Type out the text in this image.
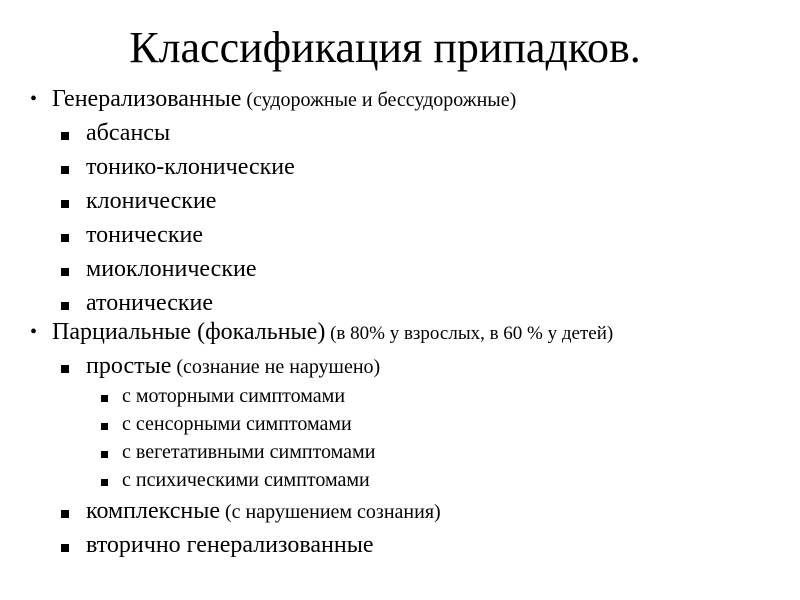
Классификация припадков.
• Генерализованные (судорожные и бессудорожные)
абсансы
тонико-клонические
клонические
тонические
миоклонические
атонические
• Парциальные (фокальные) (в 80% у взрослых, в 60 % у детей)
простые (сознание не нарушено)
с моторными симптомами
с сенсорными симптомами
с вегетативными симптомами
с психическими симптомами
комплексные (с нарушением сознания)
вторично генерализованные
